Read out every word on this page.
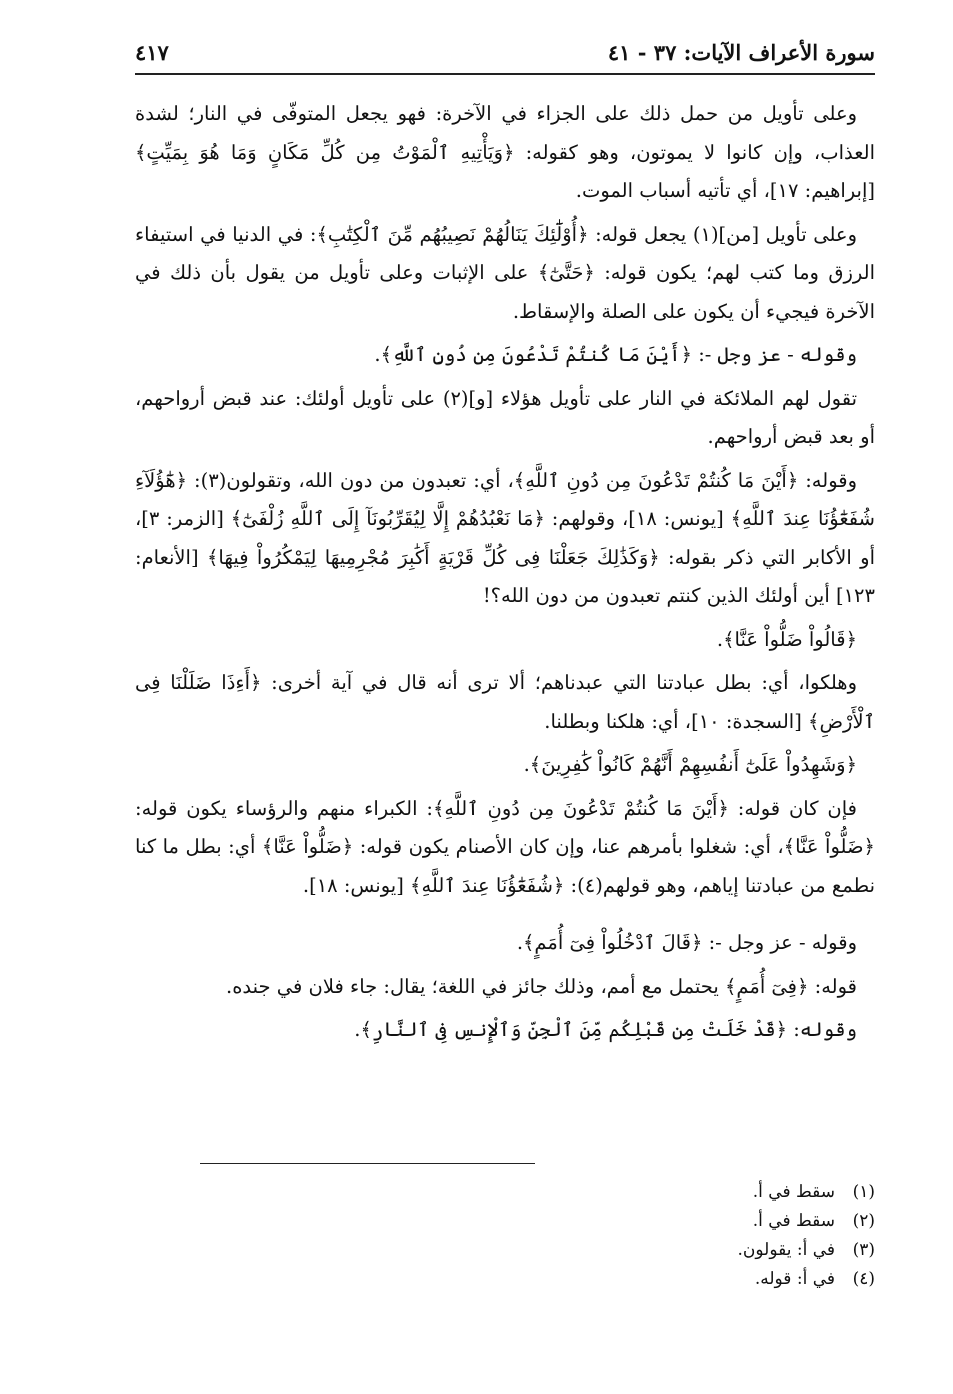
سورة الأعراف الآيات: ٣٧ - ٤١
٤١٧

وعلى تأويل من حمل ذلك على الجزاء في الآخرة: فهو يجعل المتوفّى في النار؛ لشدة العذاب، وإن كانوا لا يموتون، وهو كقوله: ﴿وَيَأْتِيهِ ٱلْمَوْتُ مِن كُلِّ مَكَانٍ وَمَا هُوَ بِمَيِّتٍ﴾ [إبراهيم: ١٧]، أي تأتيه أسباب الموت.

وعلى تأويل [من](١) يجعل قوله: ﴿أُوْلَٰٓئِكَ يَنَالُهُمْ نَصِيبُهُم مِّنَ ٱلْكِتَٰبِ﴾: في الدنيا في استيفاء الرزق وما كتب لهم؛ يكون قوله: ﴿حَتَّىٰٓ﴾ على الإثبات وعلى تأويل من يقول بأن ذلك في الآخرة فيجيء أن يكون على الصلة والإسقاط.

وقوله - عز وجل -: ﴿أَيْنَ مَا كُنتُمْ تَدْعُونَ مِن دُونِ ٱللَّهِ﴾.

تقول لهم الملائكة في النار على تأويل هؤلاء [و](٢) على تأويل أولئك: عند قبض أرواحهم، أو بعد قبض أرواحهم.

وقوله: ﴿أَيْنَ مَا كُنتُمْ تَدْعُونَ مِن دُونِ ٱللَّهِ﴾، أي: تعبدون من دون الله، وتقولون(٣): ﴿هَٰٓؤُلَآءِ شُفَعَٰٓؤُنَا عِندَ ٱللَّهِ﴾ [يونس: ١٨]، وقولهم: ﴿مَا نَعْبُدُهُمْ إِلَّا لِيُقَرِّبُونَآ إِلَى ٱللَّهِ زُلْفَىٰٓ﴾ [الزمر: ٣]، أو الأكابر التي ذكر بقوله: ﴿وَكَذَٰلِكَ جَعَلْنَا فِى كُلِّ قَرْيَةٍ أَكَٰبِرَ مُجْرِمِيهَا لِيَمْكُرُواْ فِيهَا﴾ [الأنعام: ١٢٣] أين أولئك الذين كنتم تعبدون من دون الله؟!

﴿قَالُواْ ضَلُّواْ عَنَّا﴾.

وهلكوا، أي: بطل عبادتنا التي عبدناهم؛ ألا ترى أنه قال في آية أخرى: ﴿أَءِذَا ضَلَلْنَا فِى ٱلْأَرْضِ﴾ [السجدة: ١٠]، أي: هلكنا وبطلنا.

﴿وَشَهِدُواْ عَلَىٰٓ أَنفُسِهِمْ أَنَّهُمْ كَانُواْ كَٰفِرِينَ﴾.

فإن كان قوله: ﴿أَيْنَ مَا كُنتُمْ تَدْعُونَ مِن دُونِ ٱللَّهِ﴾: الكبراء منهم والرؤساء يكون قوله: ﴿ضَلُّواْ عَنَّا﴾، أي: شغلوا بأمرهم عنا، وإن كان الأصنام يكون قوله: ﴿ضَلُّواْ عَنَّا﴾ أي: بطل ما كنا نطمع من عبادتنا إياهم، وهو قولهم(٤): ﴿شُفَعَٰٓؤُنَا عِندَ ٱللَّهِ﴾ [يونس: ١٨].

وقوله - عز وجل -: ﴿قَالَ ٱدْخُلُواْ فِىٓ أُمَمٍ﴾.

قوله: ﴿فِىٓ أُمَمٍ﴾ يحتمل مع أمم، وذلك جائز في اللغة؛ يقال: جاء فلان في جنده.

وقوله: ﴿قَدْ خَلَتْ مِن قَبْلِكُم مِّنَ ٱلْجِنِّ وَٱلْإِنسِ فِى ٱلنَّارِ﴾.

(١)
سقط في أ.
(٢)
سقط في أ.
(٣)
في أ: يقولون.
(٤)
في أ: قوله.
